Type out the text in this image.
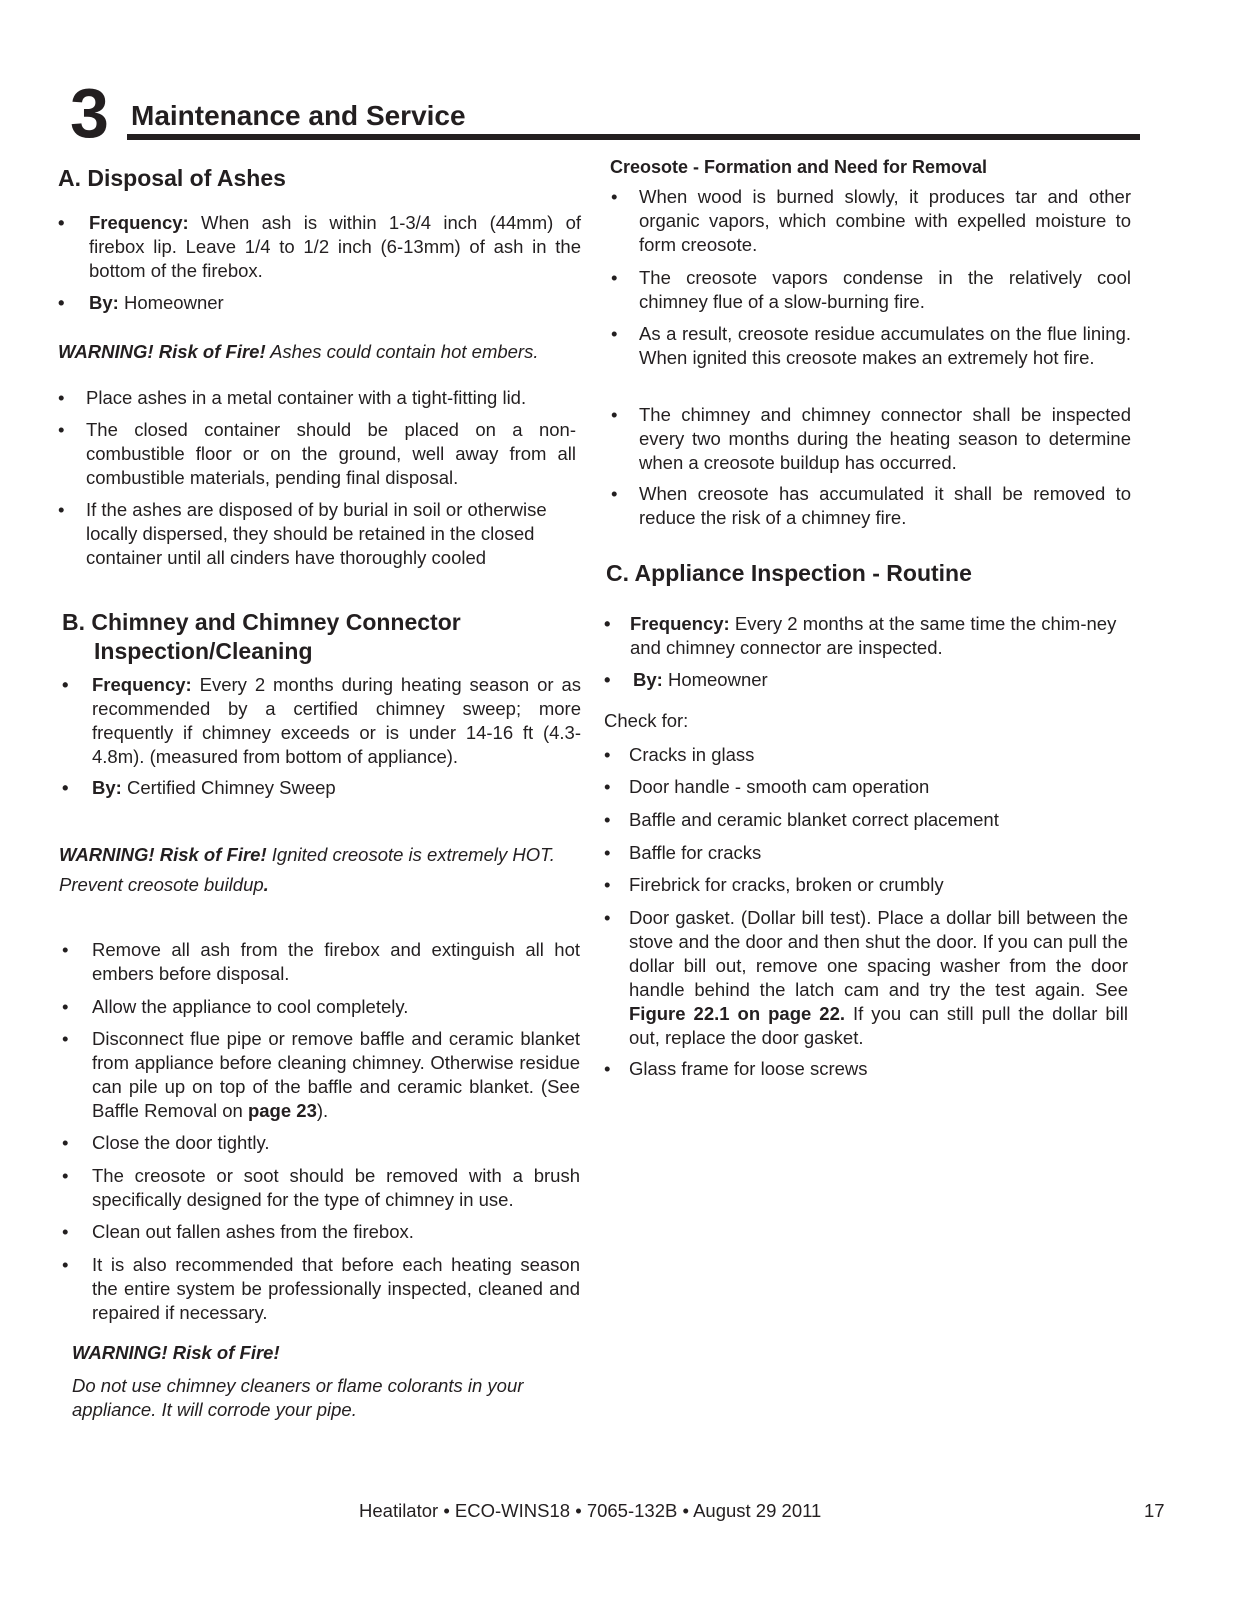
3 Maintenance and Service
A. Disposal of Ashes
• Frequency: When ash is within 1-3/4 inch (44mm) of firebox lip. Leave 1/4 to 1/2 inch (6-13mm) of ash in the bottom of the firebox.
• By: Homeowner
WARNING! Risk of Fire! Ashes could contain hot embers.
• Place ashes in a metal container with a tight-fitting lid.
• The closed container should be placed on a non-combustible floor or on the ground, well away from all combustible materials, pending final disposal.
• If the ashes are disposed of by burial in soil or otherwise locally dispersed, they should be retained in the closed container until all cinders have thoroughly cooled
B. Chimney and Chimney Connector
Inspection/Cleaning
• Frequency: Every 2 months during heating season or as recommended by a certified chimney sweep; more frequently if chimney exceeds or is under 14-16 ft (4.3-4.8m). (measured from bottom of appliance).
• By: Certified Chimney Sweep
WARNING! Risk of Fire! Ignited creosote is extremely HOT.
Prevent creosote buildup.
• Remove all ash from the firebox and extinguish all hot embers before disposal.
• Allow the appliance to cool completely.
• Disconnect flue pipe or remove baffle and ceramic blanket from appliance before cleaning chimney. Otherwise residue can pile up on top of the baffle and ceramic blanket. (See Baffle Removal on page 23).
• Close the door tightly.
• The creosote or soot should be removed with a brush specifically designed for the type of chimney in use.
• Clean out fallen ashes from the firebox.
• It is also recommended that before each heating season the entire system be professionally inspected, cleaned and repaired if necessary.
WARNING! Risk of Fire!
Do not use chimney cleaners or flame colorants in your appliance. It will corrode your pipe.
Creosote - Formation and Need for Removal
• When wood is burned slowly, it produces tar and other organic vapors, which combine with expelled moisture to form creosote.
• The creosote vapors condense in the relatively cool chimney flue of a slow-burning fire.
• As a result, creosote residue accumulates on the flue lining. When ignited this creosote makes an extremely hot fire.
• The chimney and chimney connector shall be inspected every two months during the heating season to determine when a creosote buildup has occurred.
• When creosote has accumulated it shall be removed to reduce the risk of a chimney fire.
C. Appliance Inspection - Routine
• Frequency: Every 2 months at the same time the chim-ney and chimney connector are inspected.
• By: Homeowner
Check for:
• Cracks in glass
• Door handle - smooth cam operation
• Baffle and ceramic blanket correct placement
• Baffle for cracks
• Firebrick for cracks, broken or crumbly
• Door gasket. (Dollar bill test). Place a dollar bill between the stove and the door and then shut the door. If you can pull the dollar bill out, remove one spacing washer from the door handle behind the latch cam and try the test again. See Figure 22.1 on page 22. If you can still pull the dollar bill out, replace the door gasket.
• Glass frame for loose screws
Heatilator • ECO-WINS18 • 7065-132B • August 29 2011	17
